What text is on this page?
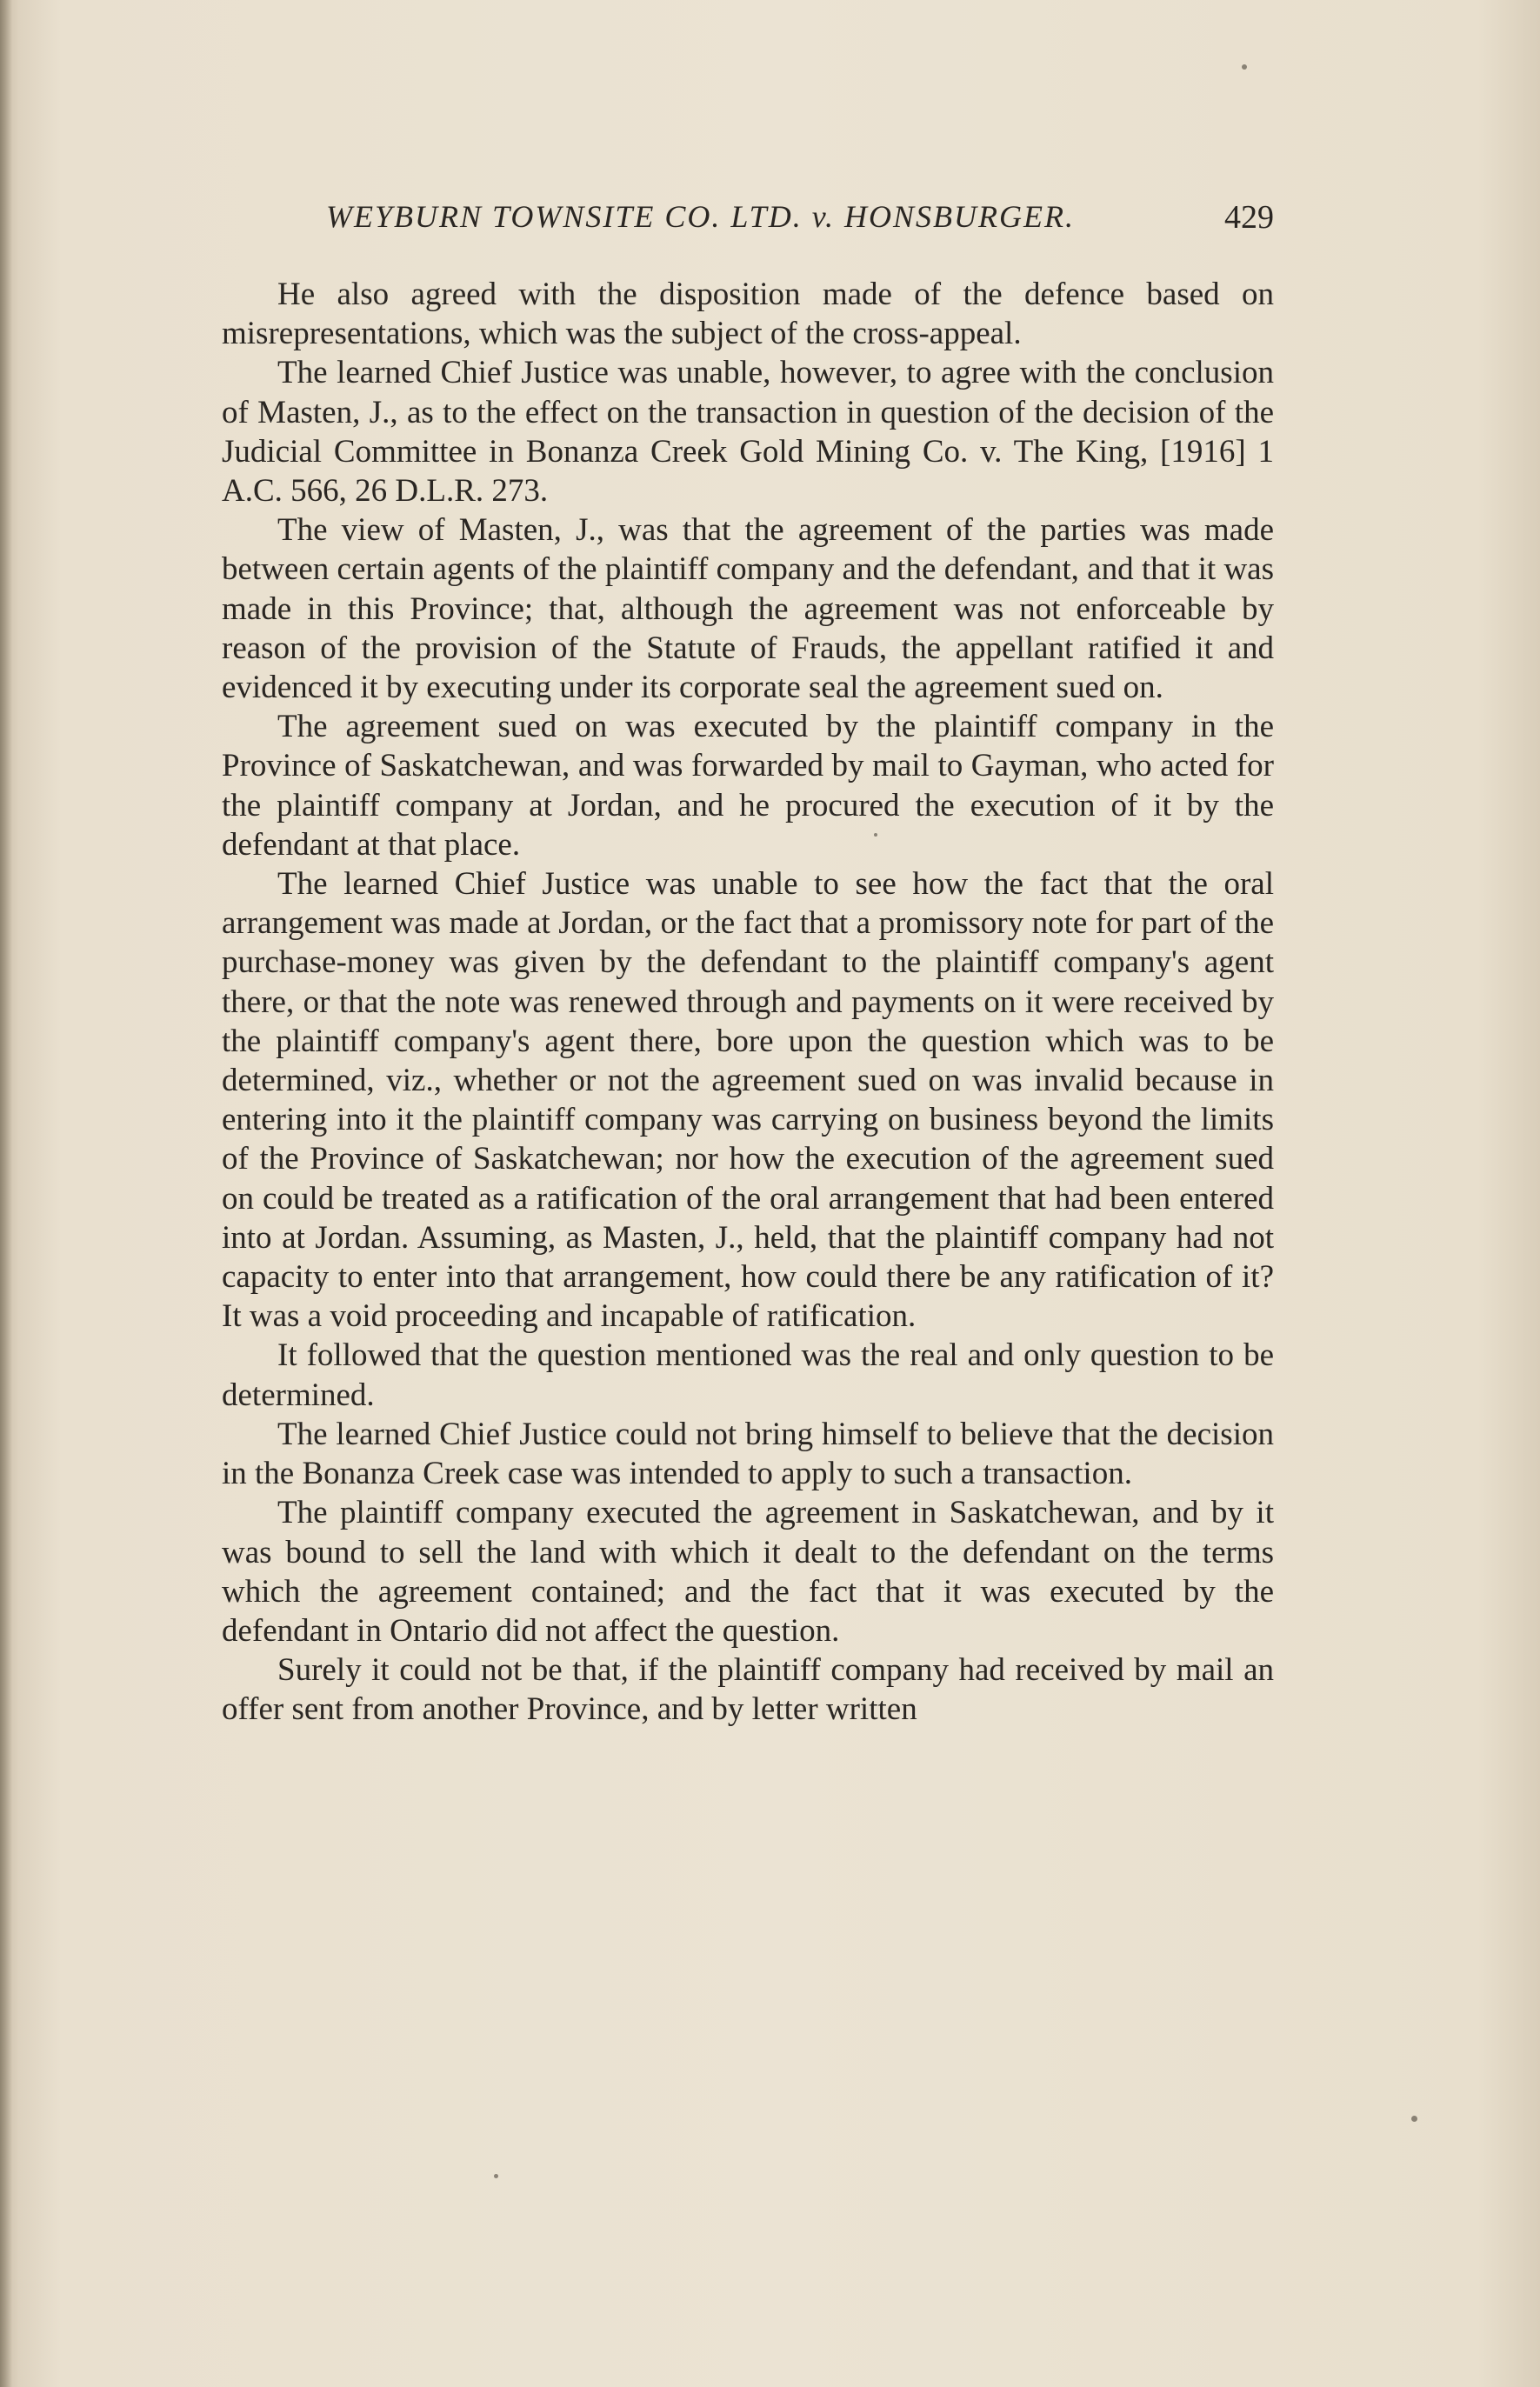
WEYBURN TOWNSITE CO. LTD. v. HONSBURGER.	429

He also agreed with the disposition made of the defence based on misrepresentations, which was the subject of the cross-appeal.

The learned Chief Justice was unable, however, to agree with the conclusion of Masten, J., as to the effect on the transaction in question of the decision of the Judicial Committee in Bonanza Creek Gold Mining Co. v. The King, [1916] 1 A.C. 566, 26 D.L.R. 273.

The view of Masten, J., was that the agreement of the parties was made between certain agents of the plaintiff company and the defendant, and that it was made in this Province; that, although the agreement was not enforceable by reason of the provision of the Statute of Frauds, the appellant ratified it and evidenced it by executing under its corporate seal the agreement sued on.

The agreement sued on was executed by the plaintiff company in the Province of Saskatchewan, and was forwarded by mail to Gayman, who acted for the plaintiff company at Jordan, and he procured the execution of it by the defendant at that place.

The learned Chief Justice was unable to see how the fact that the oral arrangement was made at Jordan, or the fact that a promissory note for part of the purchase-money was given by the defendant to the plaintiff company's agent there, or that the note was renewed through and payments on it were received by the plaintiff company's agent there, bore upon the question which was to be determined, viz., whether or not the agreement sued on was invalid because in entering into it the plaintiff company was carrying on business beyond the limits of the Province of Saskatchewan; nor how the execution of the agreement sued on could be treated as a ratification of the oral arrangement that had been entered into at Jordan. Assuming, as Masten, J., held, that the plaintiff company had not capacity to enter into that arrangement, how could there be any ratification of it? It was a void proceeding and incapable of ratification.

It followed that the question mentioned was the real and only question to be determined.

The learned Chief Justice could not bring himself to believe that the decision in the Bonanza Creek case was intended to apply to such a transaction.

The plaintiff company executed the agreement in Saskatchewan, and by it was bound to sell the land with which it dealt to the defendant on the terms which the agreement contained; and the fact that it was executed by the defendant in Ontario did not affect the question.

Surely it could not be that, if the plaintiff company had received by mail an offer sent from another Province, and by letter written
